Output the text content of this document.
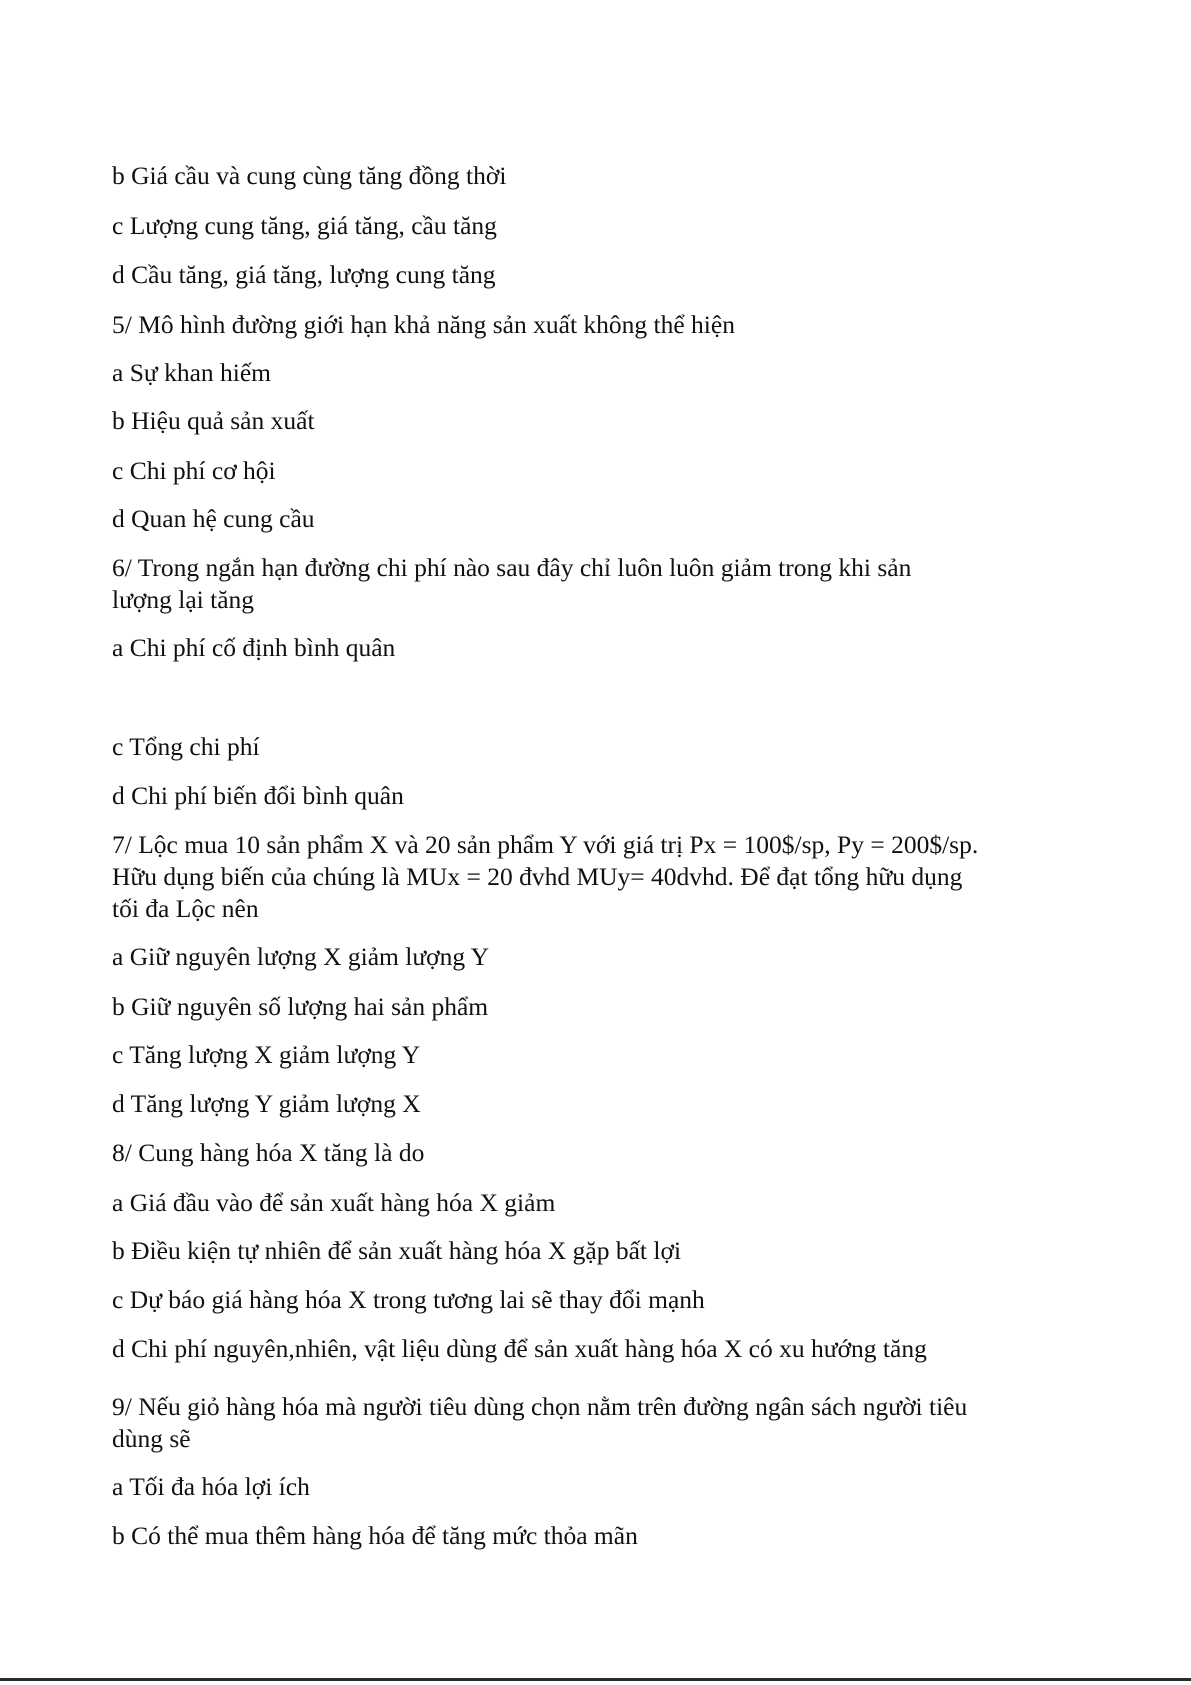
b Giá cầu và cung cùng tăng đồng thời
c Lượng cung tăng, giá tăng, cầu tăng
d Cầu tăng, giá tăng, lượng cung tăng
5/ Mô hình đường giới hạn khả năng sản xuất không thể hiện
a Sự khan hiếm
b Hiệu quả sản xuất
c Chi phí cơ hội
d Quan hệ cung cầu
6/ Trong ngắn hạn đường chi phí nào sau đây chỉ luôn luôn giảm trong khi sản
lượng lại tăng
a Chi phí cố định bình quân
c Tổng chi phí
d Chi phí biến đổi bình quân
7/ Lộc mua 10 sản phẩm X và 20 sản phẩm Y với giá trị Px = 100$/sp, Py = 200$/sp.
Hữu dụng biến của chúng là MUx = 20 đvhd MUy= 40dvhd. Để đạt tổng hữu dụng
tối đa Lộc nên
a Giữ nguyên lượng X giảm lượng Y
b Giữ nguyên số lượng hai sản phẩm
c Tăng lượng X giảm lượng Y
d Tăng lượng Y giảm lượng X
8/ Cung hàng hóa X tăng là do
a Giá đầu vào để sản xuất hàng hóa X giảm
b Điều kiện tự nhiên để sản xuất hàng hóa X gặp bất lợi
c Dự báo giá hàng hóa X trong tương lai sẽ thay đổi mạnh
d Chi phí nguyên,nhiên, vật liệu dùng để sản xuất hàng hóa X có xu hướng tăng
9/ Nếu giỏ hàng hóa mà người tiêu dùng chọn nằm trên đường ngân sách người tiêu
dùng sẽ
a Tối đa hóa lợi ích
b Có thể mua thêm hàng hóa để tăng mức thỏa mãn
